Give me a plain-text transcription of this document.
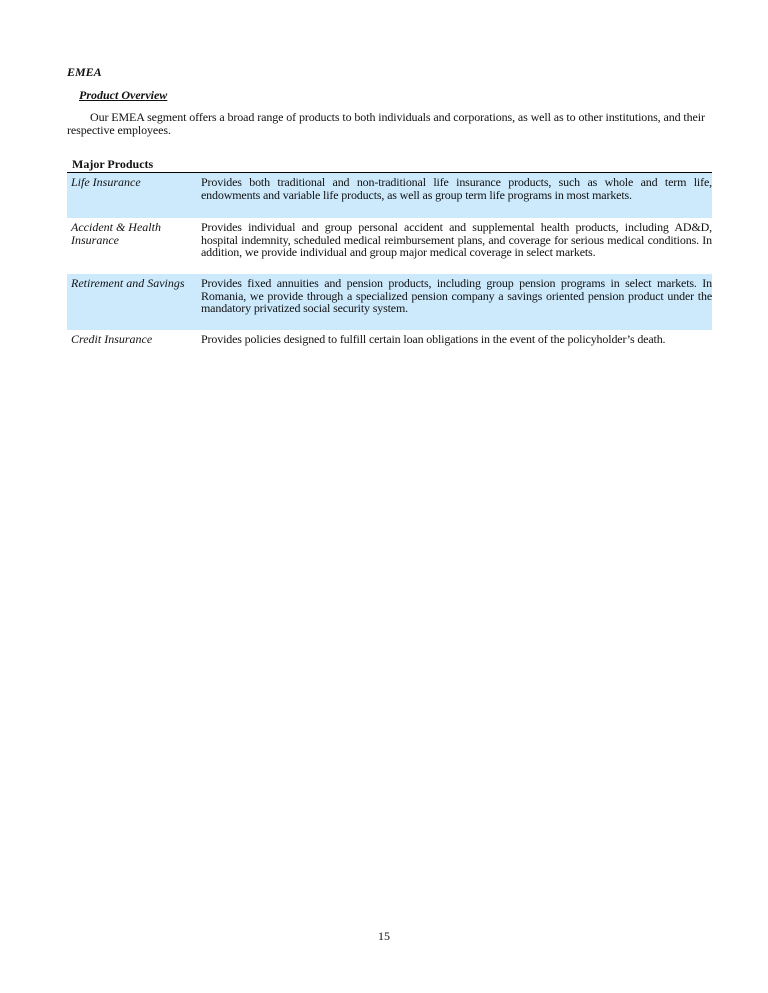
EMEA
Product Overview
Our EMEA segment offers a broad range of products to both individuals and corporations, as well as to other institutions, and their respective employees.
Major Products
Life Insurance	Provides both traditional and non-traditional life insurance products, such as whole and term life, endowments and variable life products, as well as group term life programs in most markets.
Accident & Health Insurance	Provides individual and group personal accident and supplemental health products, including AD&D, hospital indemnity, scheduled medical reimbursement plans, and coverage for serious medical conditions. In addition, we provide individual and group major medical coverage in select markets.
Retirement and Savings	Provides fixed annuities and pension products, including group pension programs in select markets. In Romania, we provide through a specialized pension company a savings oriented pension product under the mandatory privatized social security system.
Credit Insurance	Provides policies designed to fulfill certain loan obligations in the event of the policyholder’s death.
15
